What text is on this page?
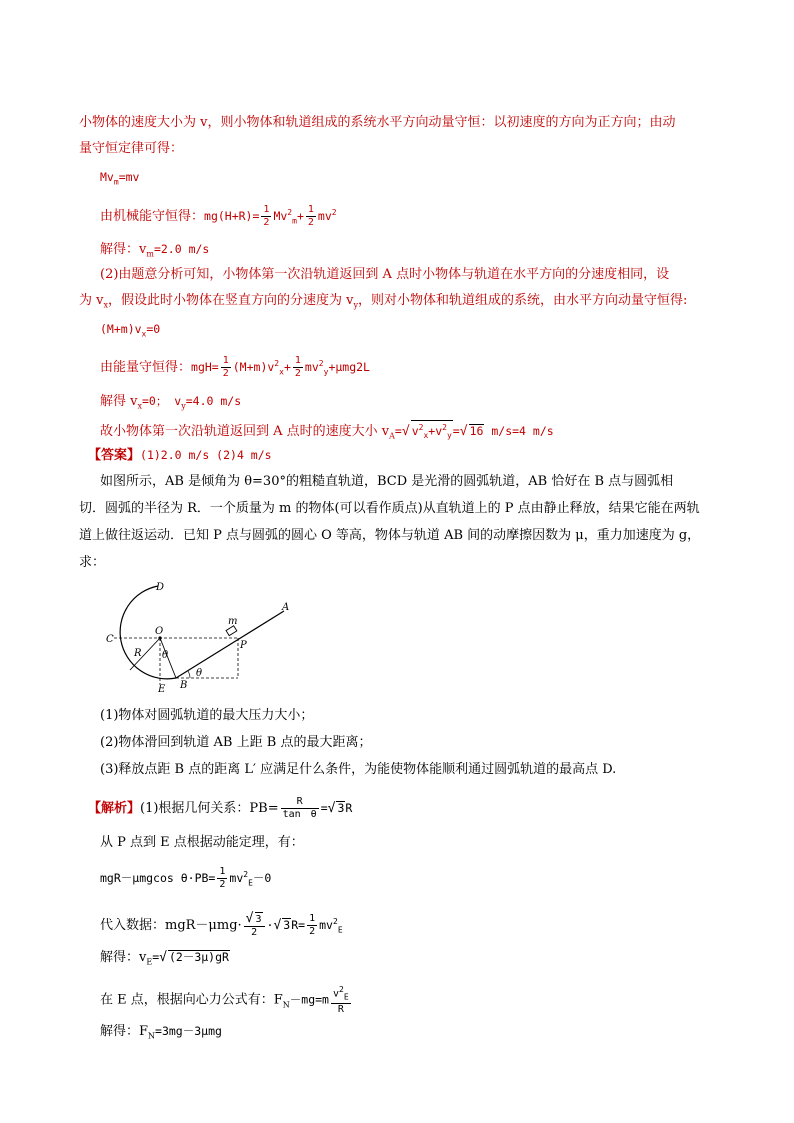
小物体的速度大小为 v，则小物体和轨道组成的系统水平方向动量守恒：以初速度的方向为正方向；由动
量守恒定律可得：
$Mv_m=mv$
由机械能守恒得：$mg(H+R)= \frac{1}{2} Mv^2_m+ \frac{1}{2} mv^2$
解得：$v_m=2.0$ m/s
(2)由题意分析可知，小物体第一次沿轨道返回到 A 点时小物体与轨道在水平方向的分速度相同，设
为 $v_x$，假设此时小物体在竖直方向的分速度为 $v_y$，则对小物体和轨道组成的系统，由水平方向动量守恒得:
$(M+m)v_x=0$
由能量守恒得：$mgH= \frac{1}{2} (M+m)v^2_x+ \frac{1}{2} mv^2_y+\mu mg2L$
解得 $v_x=0$； $v_y=4.0$ m/s
故小物体第一次沿轨道返回到 A 点时的速度大小 $v_A=√$ $v^2_x+v^2_y=√$ 16 m/s=4 m/s
【答案】(1)2.0 m/s (2)4 m/s
如图所示，AB 是倾角为 θ=30°的粗糙直轨道，BCD 是光滑的圆弧轨道，AB 恰好在 B 点与圆弧相
切．圆弧的半径为 R．一个质量为 m 的物体(可以看作质点)从直轨道上的 P 点由静止释放，结果它能在两轨
道上做往返运动．已知 P 点与圆弧的圆心 O 等高，物体与轨道 AB 间的动摩擦因数为 μ，重力加速度为 g，
求：
D
A
C
O
m
P
R θ
θ
E B
(1)物体对圆弧轨道的最大压力大小；
(2)物体滑回到轨道 AB 上距 B 点的最大距离；
(3)释放点距 B 点的距离 L′ 应满足什么条件，为能使物体能顺利通过圆弧轨道的最高点 D.
【解析】(1)根据几何关系：$PB= \frac{R}{\text{tan　θ}}$ =√ 3R
从 P 点到 E 点根据动能定理，有：
mgR－μmgcos $\theta\cdot PB= \frac{1}{2} mv^2_E-0$
代入数据：$mgR-\mu mg\cdot \frac{√ 3}{2}$ ·√ $3R= \frac{1}{2} mv^2_E$
解得：$v_E=√$ (2－3μ)gR
在 E 点，根据向心力公式有：$F_N-mg=m \frac{v^2_E}{R}$
解得：$F_N=3mg-3\mu mg$
